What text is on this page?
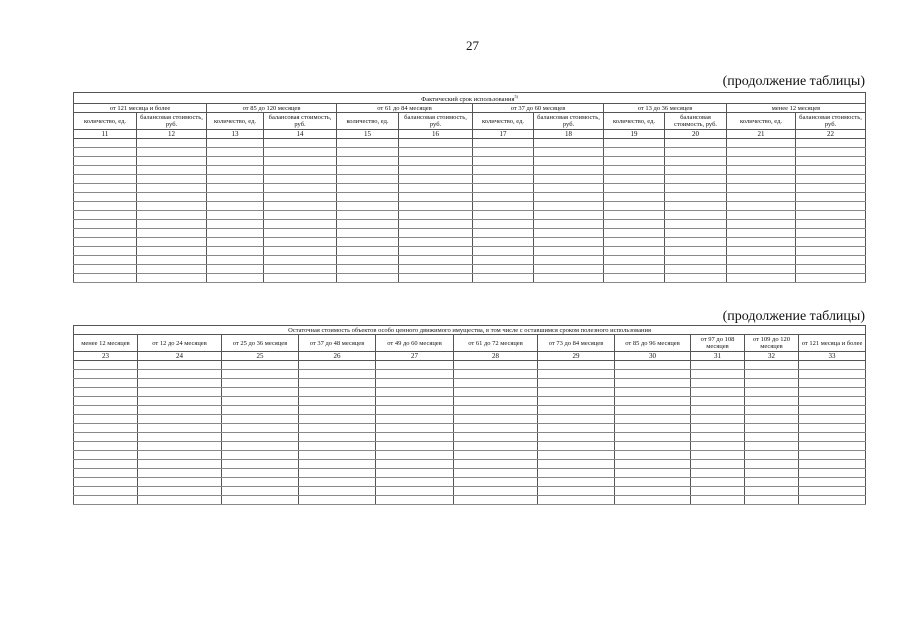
27
(продолжение таблицы)
Фактический срок использования$^{5)}$
от 121 месяца и более		от 85 до 120 месяцев		от 61 до 84 месяцев		от 37 до 60 месяцев		от 13 до 36 месяцев		менее 12 месяцев	
количество, ед.	балансовая стоимость, руб.	количество, ед.	балансовая стоимость, руб.	количество, ед.	балансовая стоимость, руб.	количество, ед.	балансовая стоимость, руб.	количество, ед.	балансовая стоимость, руб.	количество, ед.	балансовая стоимость, руб.
11	12	13	14	15	16	17	18	19	20	21	22

(продолжение таблицы)
Остаточная стоимость объектов особо ценного движимого имущества, в том числе с оставшимся сроком полезного использования										
менее 12 месяцев	от 12 до 24 месяцев	от 25 до 36 месяцев	от 37 до 48 месяцев	от 49 до 60 месяцев	от 61 до 72 месяцев	от 73 до 84 месяцев	от 85 до 96 месяцев	от 97 до 108 месяцев	от 109 до 120 месяцев	от 121 месяца и более
23	24	25	26	27	28	29	30	31	32	33
